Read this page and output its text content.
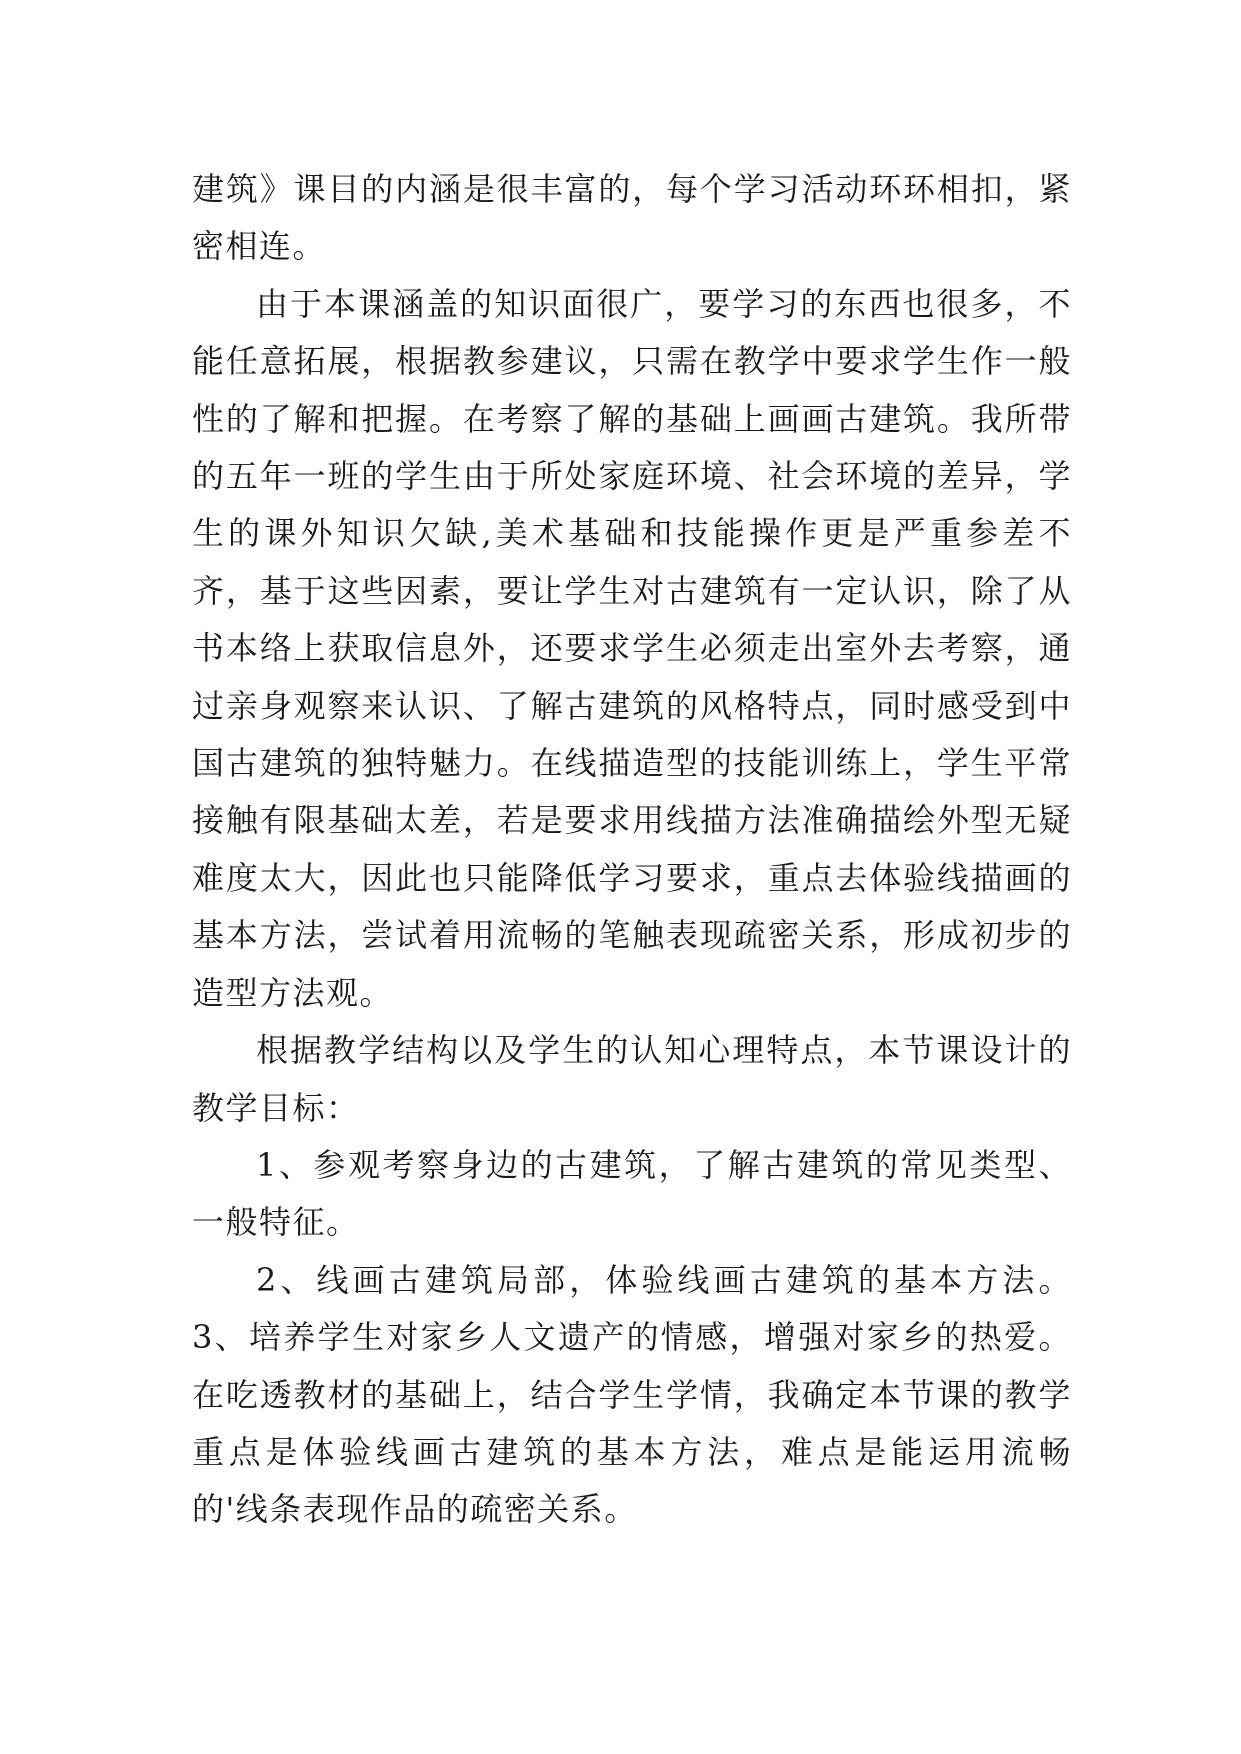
建筑》课目的内涵是很丰富的，每个学习活动环环相扣，紧密相连。

由于本课涵盖的知识面很广，要学习的东西也很多，不能任意拓展，根据教参建议，只需在教学中要求学生作一般性的了解和把握。在考察了解的基础上画画古建筑。我所带的五年一班的学生由于所处家庭环境、社会环境的差异，学生的课外知识欠缺,美术基础和技能操作更是严重参差不齐，基于这些因素，要让学生对古建筑有一定认识，除了从书本络上获取信息外，还要求学生必须走出室外去考察，通过亲身观察来认识、了解古建筑的风格特点，同时感受到中国古建筑的独特魅力。在线描造型的技能训练上，学生平常接触有限基础太差，若是要求用线描方法准确描绘外型无疑难度太大，因此也只能降低学习要求，重点去体验线描画的基本方法，尝试着用流畅的笔触表现疏密关系，形成初步的造型方法观。

根据教学结构以及学生的认知心理特点，本节课设计的教学目标：

1、参观考察身边的古建筑，了解古建筑的常见类型、一般特征。

2、线画古建筑局部，体验线画古建筑的基本方法。 3、培养学生对家乡人文遗产的情感，增强对家乡的热爱。 在吃透教材的基础上，结合学生学情，我确定本节课的教学重点是体验线画古建筑的基本方法，难点是能运用流畅的'线条表现作品的疏密关系。
